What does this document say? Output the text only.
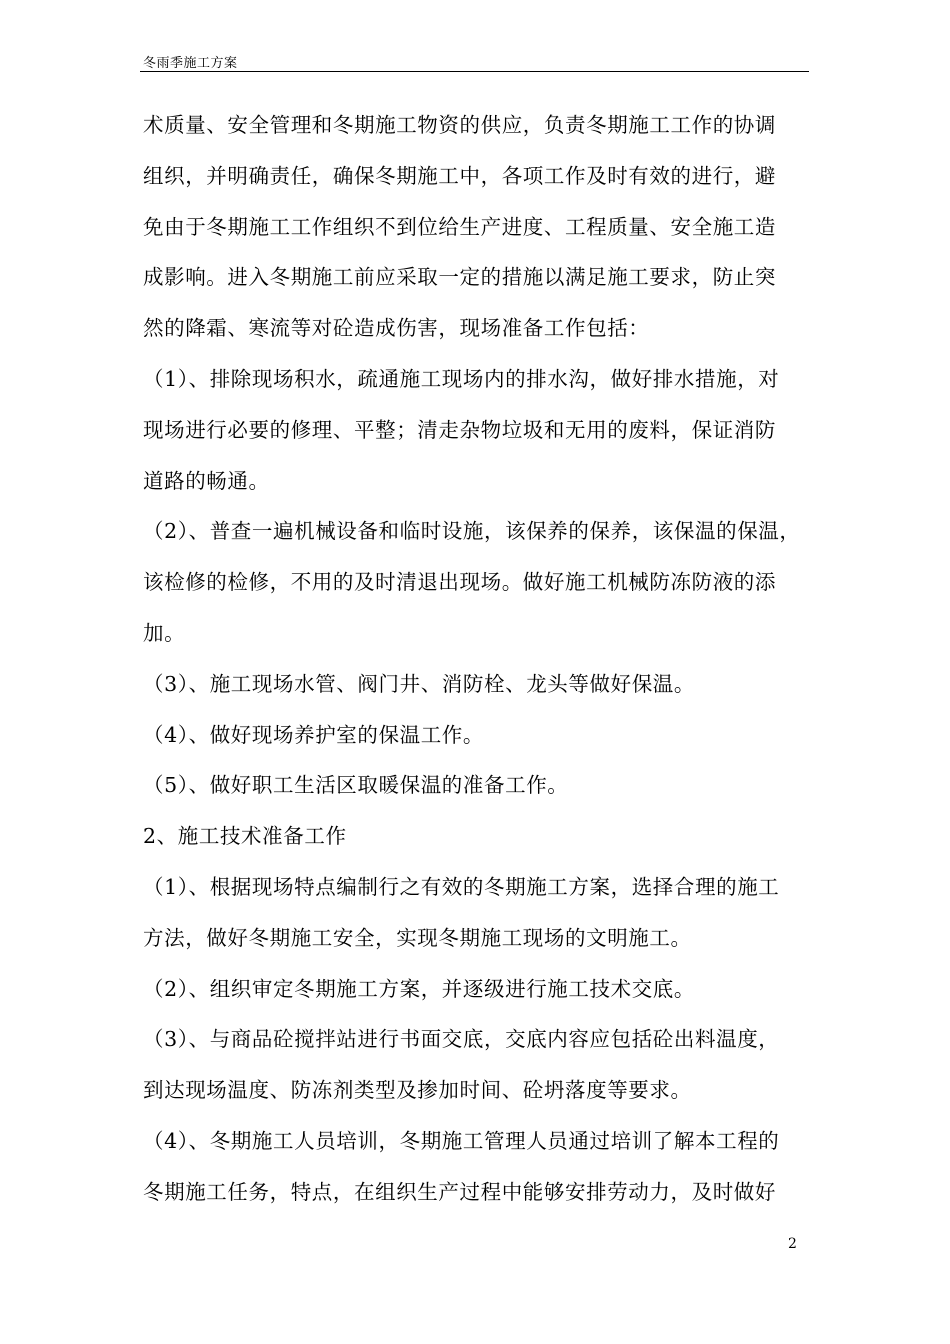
冬雨季施工方案
术质量、安全管理和冬期施工物资的供应，负责冬期施工工作的协调
组织，并明确责任，确保冬期施工中，各项工作及时有效的进行，避
免由于冬期施工工作组织不到位给生产进度、工程质量、安全施工造
成影响。进入冬期施工前应采取一定的措施以满足施工要求，防止突
然的降霜、寒流等对砼造成伤害，现场准备工作包括：
（1）、排除现场积水，疏通施工现场内的排水沟，做好排水措施，对
现场进行必要的修理、平整；清走杂物垃圾和无用的废料，保证消防
道路的畅通。
（2）、普查一遍机械设备和临时设施，该保养的保养，该保温的保温，
该检修的检修，不用的及时清退出现场。做好施工机械防冻防液的添
加。
（3）、施工现场水管、阀门井、消防栓、龙头等做好保温。
（4）、做好现场养护室的保温工作。
（5）、做好职工生活区取暖保温的准备工作。
2、施工技术准备工作
（1）、根据现场特点编制行之有效的冬期施工方案，选择合理的施工
方法，做好冬期施工安全，实现冬期施工现场的文明施工。
（2）、组织审定冬期施工方案，并逐级进行施工技术交底。
（3）、与商品砼搅拌站进行书面交底，交底内容应包括砼出料温度，
到达现场温度、防冻剂类型及掺加时间、砼坍落度等要求。
（4）、冬期施工人员培训，冬期施工管理人员通过培训了解本工程的
冬期施工任务，特点，在组织生产过程中能够安排劳动力，及时做好
2
